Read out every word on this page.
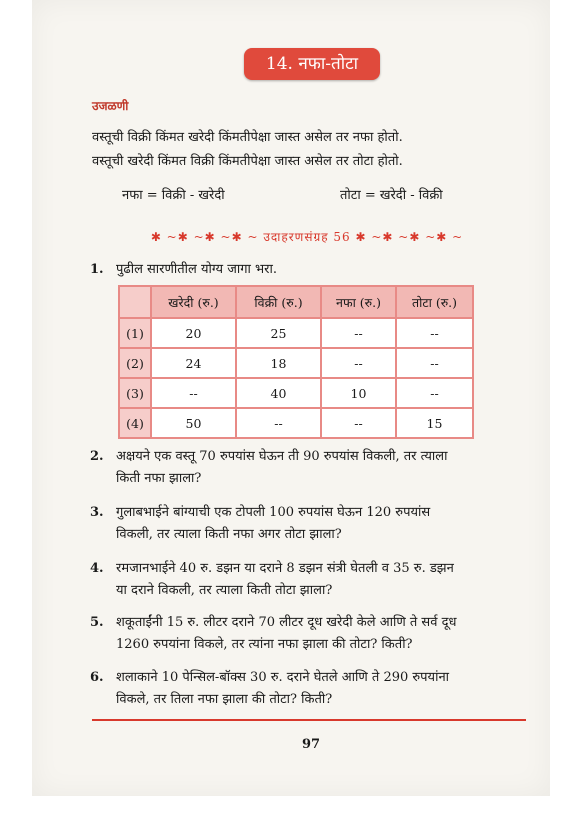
14. नफा-तोटा
उजळणी
वस्तूची विक्री किंमत खरेदी किंमतीपेक्षा जास्त असेल तर नफा होतो.
वस्तूची खरेदी किंमत विक्री किंमतीपेक्षा जास्त असेल तर तोटा होतो.
नफा = विक्री - खरेदी	तोटा = खरेदी - विक्री
✱ ~✱ ~✱ ~✱ ~ उदाहरणसंग्रह 56 ✱ ~✱ ~✱ ~✱ ~
1. पुढील सारणीतील योग्य जागा भरा.
	खरेदी (रु.)	विक्री (रु.)	नफा (रु.)	तोटा (रु.)
(1)	20	25	--	--
(2)	24	18	--	--
(3)	--	40	10	--
(4)	50	--	--	15
2. अक्षयने एक वस्तू 70 रुपयांस घेऊन ती 90 रुपयांस विकली, तर त्याला
किती नफा झाला?
3. गुलाबभाईने बांग्याची एक टोपली 100 रुपयांस घेऊन 120 रुपयांस
विकली, तर त्याला किती नफा अगर तोटा झाला?
4. रमजानभाईने 40 रु. डझन या दराने 8 डझन संत्री घेतली व 35 रु. डझन
या दराने विकली, तर त्याला किती तोटा झाला?
5. शकूताईंनी 15 रु. लीटर दराने 70 लीटर दूध खरेदी केले आणि ते सर्व दूध
1260 रुपयांना विकले, तर त्यांना नफा झाला की तोटा? किती?
6. शलाकाने 10 पेन्सिल-बॉक्स 30 रु. दराने घेतले आणि ते 290 रुपयांना
विकले, तर तिला नफा झाला की तोटा? किती?
97
